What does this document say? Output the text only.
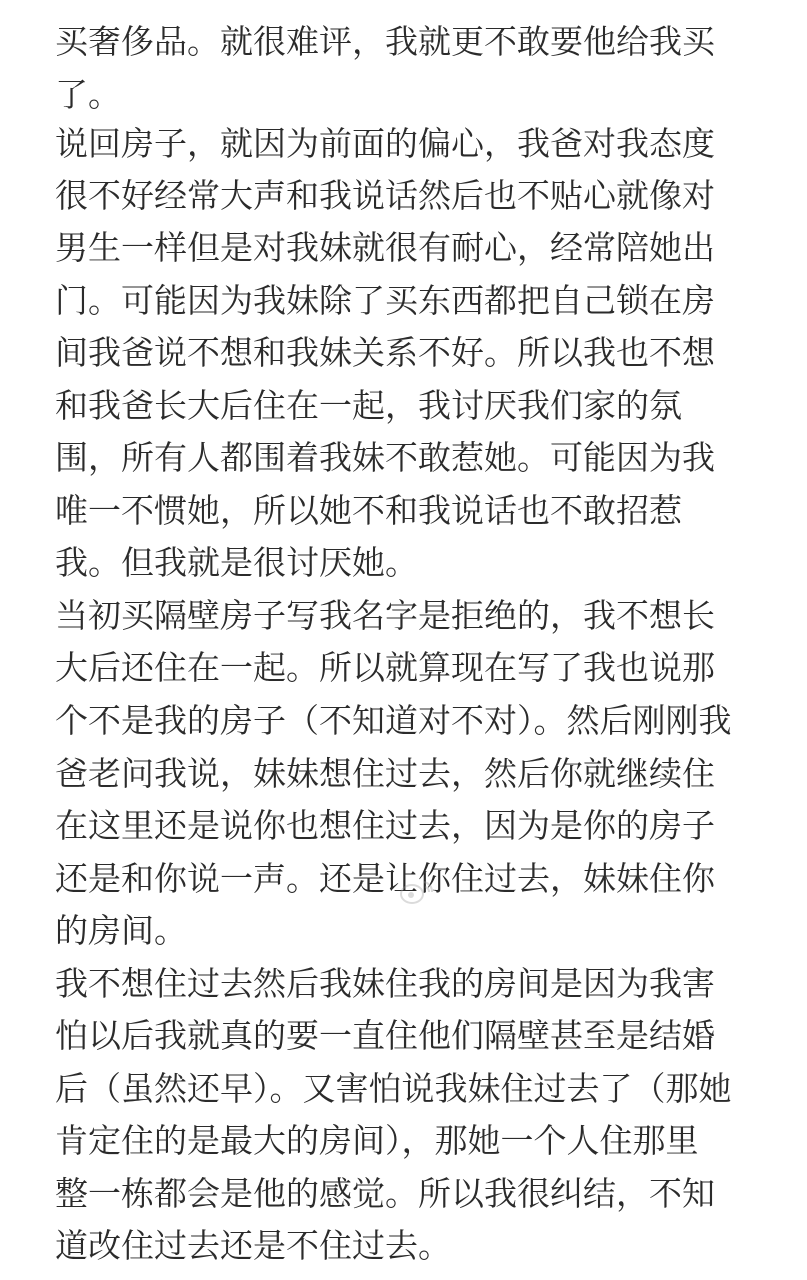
买奢侈品。就很难评，我就更不敢要他给我买
了。
说回房子，就因为前面的偏心，我爸对我态度
很不好经常大声和我说话然后也不贴心就像对
男生一样但是对我妹就很有耐心，经常陪她出
门。可能因为我妹除了买东西都把自己锁在房
间我爸说不想和我妹关系不好。所以我也不想
和我爸长大后住在一起，我讨厌我们家的氛
围，所有人都围着我妹不敢惹她。可能因为我
唯一不惯她，所以她不和我说话也不敢招惹
我。但我就是很讨厌她。
当初买隔壁房子写我名字是拒绝的，我不想长
大后还住在一起。所以就算现在写了我也说那
个不是我的房子（不知道对不对）。然后刚刚我
爸老问我说，妹妹想住过去，然后你就继续住
在这里还是说你也想住过去，因为是你的房子
还是和你说一声。还是让你住过去，妹妹住你
的房间。
我不想住过去然后我妹住我的房间是因为我害
怕以后我就真的要一直住他们隔壁甚至是结婚
后（虽然还早）。又害怕说我妹住过去了（那她
肯定住的是最大的房间），那她一个人住那里
整一栋都会是他的感觉。所以我很纠结，不知
道改住过去还是不住过去。
